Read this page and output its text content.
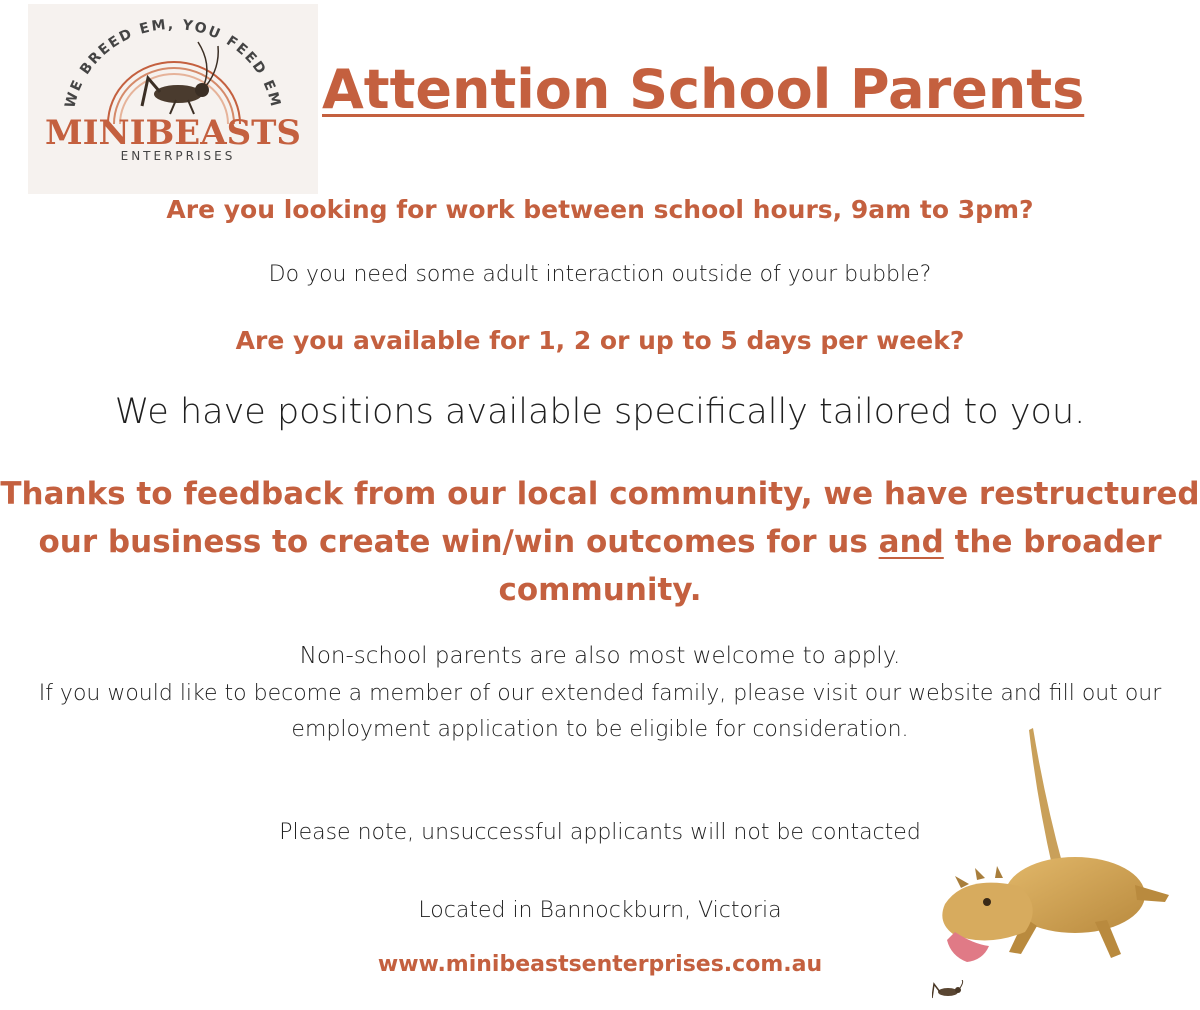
WE BREED EM, YOU FEED EM
MINIBEASTS
ENTERPRISES
Attention School Parents

Are you looking for work between school hours, 9am to 3pm?

Do you need some adult interaction outside of your bubble?

Are you available for 1, 2 or up to 5 days per week?

We have positions available specifically tailored to you.

Thanks to feedback from our local community, we have restructured our business to create win/win outcomes for us and the broader community.

Non-school parents are also most welcome to apply.

If you would like to become a member of our extended family, please visit our website and fill out our employment application to be eligible for consideration.

Please note, unsuccessful applicants will not be contacted

Located in Bannockburn, Victoria

www.minibeastsenterprises.com.au
